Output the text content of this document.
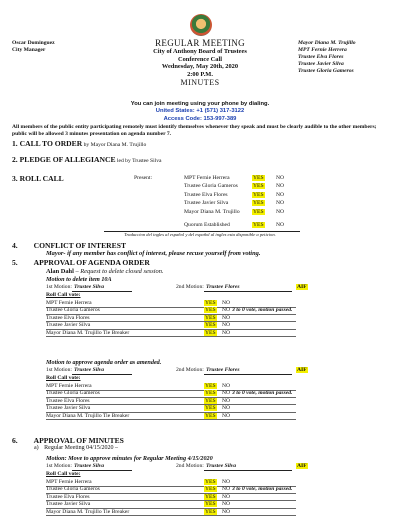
Oscar Dominguez
City Manager
REGULAR MEETING
City of Anthony Board of Trustees
Conference Call
Wednesday, May 20th, 2020
2:00 P.M.
MINUTES
Mayor Diana M. Trujillo
MPT Fernie Herrera
Trustee Elva Flores
Trustee Javier Silva
Trustee Gloria Gameros
You can join meeting using your phone by dialing.
United States: +1 (571) 317-3122
Access Code: 153-997-389
All members of the public entity participating remotely must identify themselves whenever they speak and must be clearly audible to the other members; public will be allowed 3 minutes presentation on agenda number 7.
1. CALL TO ORDER by Mayor Diana M. Trujillo
2. PLEDGE OF ALLEGIANCE led by Trustee Silva
3. ROLL CALL	Present:	MPT Fernie Herrera	YES NO
Trustee Gloria Gameros	YES NO
Trustee Elva Flores	YES NO
Trustee Javier Silva	YES NO
Mayor Diana M. Trujillo YES NO
Quorum Established	YES NO
Traduccion del ingles al español y del español al ingles esta disponible a peticion.
4. CONFLICT OF INTEREST
Mayor- if any member has conflict of interest, please recuse yourself from voting.
5. APPROVAL OF AGENDA ORDER
Alan Dahl – Request to delete closed session.
Motion to delete item 10A
1st Motion: Trustee Silva	2nd Motion: Trustee Flores	AIF
Roll Call vote:
MPT Fernie Herrera	YES NO
Trustee Gloria Gameros	YES NO 3 to 0 vote, motion passed.
Trustee Elva Flores	YES NO
Trustee Javier Silva	YES NO
Mayor Diana M. Trujillo Tie Breaker	YES NO
Motion to approve agenda order as amended.
1st Motion: Trustee Silva	2nd Motion: Trustee Flores	AIF
Roll Call vote:
MPT Fernie Herrera	YES NO
Trustee Gloria Gameros	YES NO 3 to 0 vote, motion passed.
Trustee Elva Flores	YES NO
Trustee Javier Silva	YES NO
Mayor Diana M. Trujillo Tie Breaker	YES NO
6. APPROVAL OF MINUTES
a) Regular Meeting 04/15/2020 –
Motion: Move to approve minutes for Regular Meeting 4/15/2020
1st Motion: Trustee Silva	2nd Motion: Trustee Silva	AIF
Roll Call vote:
MPT Fernie Herrera	YES NO
Trustee Gloria Gameros	YES NO 3 to 0 vote, motion passed.
Trustee Elva Flores	YES NO
Trustee Javier Silva	YES NO
Mayor Diana M. Trujillo Tie Breaker	YES NO
